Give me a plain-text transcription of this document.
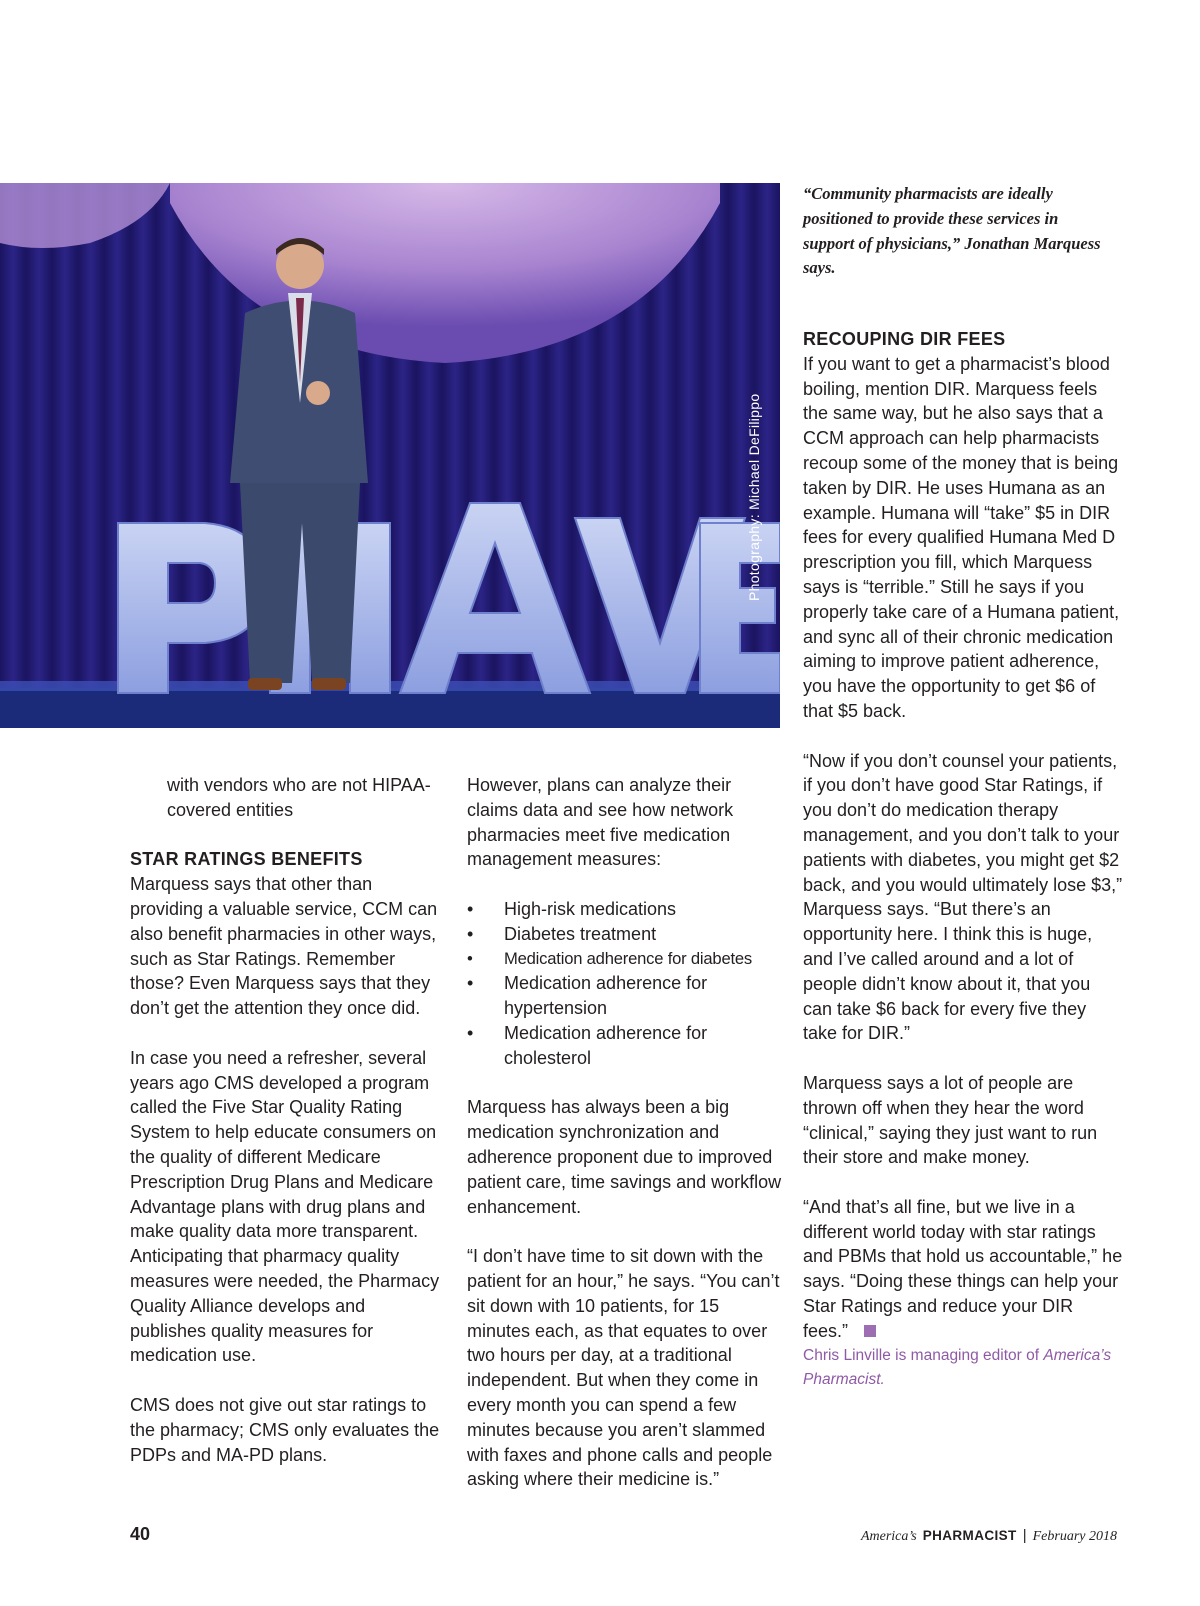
Photography: Michael DeFilippo
“Community pharmacists are ideally positioned to provide these services in support of physicians,” Jonathan Marquess says.

with vendors who are not HIPAA-covered entities

STAR RATINGS BENEFITS

Marquess says that other than providing a valuable service, CCM can also benefit pharmacies in other ways, such as Star Ratings. Remember those? Even Marquess says that they don’t get the attention they once did.

In case you need a refresher, several years ago CMS developed a program called the Five Star Quality Rating System to help educate consumers on the quality of different Medicare Prescription Drug Plans and Medicare Advantage plans with drug plans and make quality data more transparent. Anticipating that pharmacy quality measures were needed, the Pharmacy Quality Alliance develops and publishes quality measures for medication use.

CMS does not give out star ratings to the pharmacy; CMS only evaluates the PDPs and MA-PD plans.

However, plans can analyze their claims data and see how network pharmacies meet five medication management measures:

• High-risk medications
• Diabetes treatment
• Medication adherence for diabetes
• Medication adherence for hypertension
• Medication adherence for cholesterol

Marquess has always been a big medication synchronization and adherence proponent due to improved patient care, time savings and workflow enhancement.

“I don’t have time to sit down with the patient for an hour,” he says. “You can’t sit down with 10 patients, for 15 minutes each, as that equates to over two hours per day, at a traditional independent. But when they come in every month you can spend a few minutes because you aren’t slammed with faxes and phone calls and people asking where their medicine is.”

RECOUPING DIR FEES

If you want to get a pharmacist’s blood boiling, mention DIR. Marquess feels the same way, but he also says that a CCM approach can help pharmacists recoup some of the money that is being taken by DIR. He uses Humana as an example. Humana will “take” $5 in DIR fees for every qualified Humana Med D prescription you fill, which Marquess says is “terrible.” Still he says if you properly take care of a Humana patient, and sync all of their chronic medication aiming to improve patient adherence, you have the opportunity to get $6 of that $5 back.

“Now if you don’t counsel your patients, if you don’t have good Star Ratings, if you don’t do medication therapy management, and you don’t talk to your patients with diabetes, you might get $2 back, and you would ultimately lose $3,” Marquess says. “But there’s an opportunity here. I think this is huge, and I’ve called around and a lot of people didn’t know about it, that you can take $6 back for every five they take for DIR.”

Marquess says a lot of people are thrown off when they hear the word “clinical,” saying they just want to run their store and make money.

“And that’s all fine, but we live in a different world today with star ratings and PBMs that hold us accountable,” he says. “Doing these things can help your Star Ratings and reduce your DIR fees.”

Chris Linville is managing editor of America’s Pharmacist.

40	America’s PHARMACIST | February 2018
